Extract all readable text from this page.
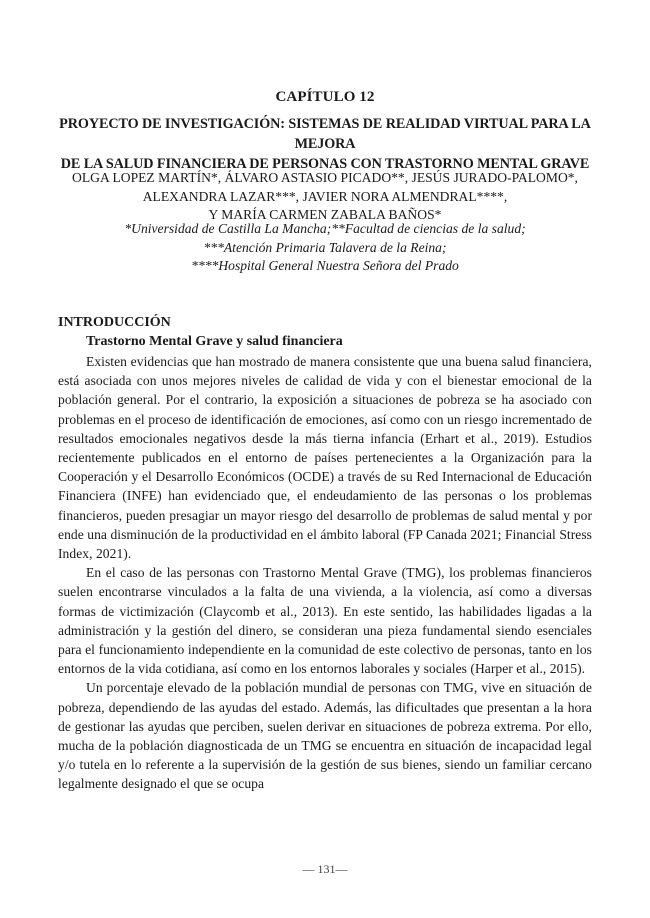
CAPÍTULO 12
PROYECTO DE INVESTIGACIÓN: SISTEMAS DE REALIDAD VIRTUAL PARA LA MEJORA
DE LA SALUD FINANCIERA DE PERSONAS CON TRASTORNO MENTAL GRAVE
OLGA LOPEZ MARTÍN*, ÁLVARO ASTASIO PICADO**, JESÚS JURADO-PALOMO*,
ALEXANDRA LAZAR***, JAVIER NORA ALMENDRAL****,
Y MARÍA CARMEN ZABALA BAÑOS*
*Universidad de Castilla La Mancha;**Facultad de ciencias de la salud;
***Atención Primaria Talavera de la Reina;
****Hospital General Nuestra Señora del Prado
INTRODUCCIÓN
Trastorno Mental Grave y salud financiera

Existen evidencias que han mostrado de manera consistente que una buena salud financiera, está asociada con unos mejores niveles de calidad de vida y con el bienestar emocional de la población general. Por el contrario, la exposición a situaciones de pobreza se ha asociado con problemas en el proceso de identificación de emociones, así como con un riesgo incrementado de resultados emocionales negativos desde la más tierna infancia (Erhart et al., 2019). Estudios recientemente publicados en el entorno de países pertenecientes a la Organización para la Cooperación y el Desarrollo Económicos (OCDE) a través de su Red Internacional de Educación Financiera (INFE) han evidenciado que, el endeudamiento de las personas o los problemas financieros, pueden presagiar un mayor riesgo del desarrollo de problemas de salud mental y por ende una disminución de la productividad en el ámbito laboral (FP Canada 2021; Financial Stress Index, 2021).

En el caso de las personas con Trastorno Mental Grave (TMG), los problemas financieros suelen encontrarse vinculados a la falta de una vivienda, a la violencia, así como a diversas formas de victimización (Claycomb et al., 2013). En este sentido, las habilidades ligadas a la administración y la gestión del dinero, se consideran una pieza fundamental siendo esenciales para el funcionamiento independiente en la comunidad de este colectivo de personas, tanto en los entornos de la vida cotidiana, así como en los entornos laborales y sociales (Harper et al., 2015).

Un porcentaje elevado de la población mundial de personas con TMG, vive en situación de pobreza, dependiendo de las ayudas del estado. Además, las dificultades que presentan a la hora de gestionar las ayudas que perciben, suelen derivar en situaciones de pobreza extrema. Por ello, mucha de la población diagnosticada de un TMG se encuentra en situación de incapacidad legal y/o tutela en lo referente a la supervisión de la gestión de sus bienes, siendo un familiar cercano legalmente designado el que se ocupa

— 131—
